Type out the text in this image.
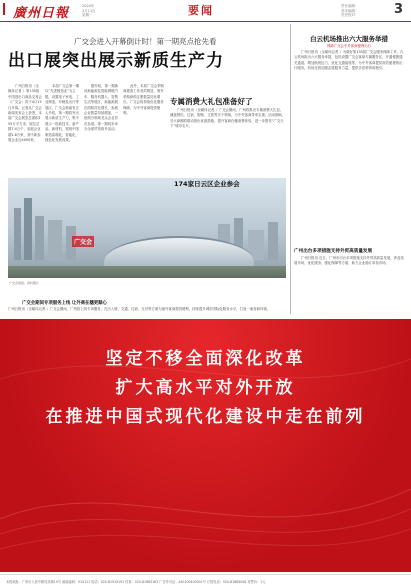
廣州日報	2024年
3月11日
星期一	要闻	责任编辑：
美术编辑：
责任校对：	3
广交会进入开幕倒计时！第一期亮点抢先看
出口展突出展示新质生产力

广州日报讯（全媒体记者 ）第135届中国进出口商品交易会（广交会）将于4月15日开幕。记者从广交会新闻发布会上获悉，本届广交会展览总面积155万平方米，展位总数7.4万个，参展企业超2.8万家，其中新参展企业近4000家。

本届广交会第一期以“先进制造业”为主题，设置电子家电、工业制造、车辆及出行等展区。广交会新闻发言人介绍，第一期将突出展示新质生产力，集中展示一批新技术、新产品、新材料，展现中国制造高端化、智能化、绿色化发展成果。

据介绍，第一期新设新能源及智能网联汽车、服务机器人、智慧生活等展区，新能源展区面积同比增长，参展企业数量持续增加，一批细分领域龙头企业首次参展。第一期同步举办全球贸易推介活动。

此外，本届广交会采购商邀请工作成效明显，境外采购商预注册数量同比增长。广交会将持续优化服务保障，为中外客商提供便利。

专属消费大礼包准备好了

广州日报讯（全媒体记者 ）广交会期间，广州将推出专属消费大礼包，涵盖餐饮、住宿、购物、文旅等多个领域，为中外客商带来实惠。活动期间，各大商圈将联动推出优惠措施，提升客商在穗消费体验，进一步擦亮“广交天下”城市名片。

广交会
广交会展馆。资料图片
174家日云区企业参会

白云机场推出六大服务举措
保障广交会中外客商便利出行

广州日报讯（全媒体记者 ）为做好第135届广交会服务保障工作，白云机场推出六大服务举措，包括设置广交会客商专属服务区、开通便捷通关通道、增加航班运力、优化交通接驳等，为中外客商提供高效便捷的出行服务。机场还将加强志愿服务力量，提供多语种咨询指引。

广州出台多项措施支持外贸高质量发展

广州日报讯 近日，广州市出台多项措施支持外贸高质量发展，涉及拓展市场、优化服务、强化保障等方面，助力企业稳订单拓市场。

广交会期间专项服务上线 让外商在穗更顺心

广州日报讯（全媒体记者 ）广交会期间，广州将上线专项服务，在出入境、交通、住宿、支付等方面为境外客商提供便利，持续提升城市国际化服务水平，打造一流营商环境。

坚定不移全面深化改革
扩大高水平对外开放
在推进中国式现代化建设中走在前列
本报地址：广州市人民中路同乐路10号 邮政编码：510121 电话：020-81919191 传真：020-81863163 广告许可证：440100400001号 订报电话：020-81889008 零售价：1元
